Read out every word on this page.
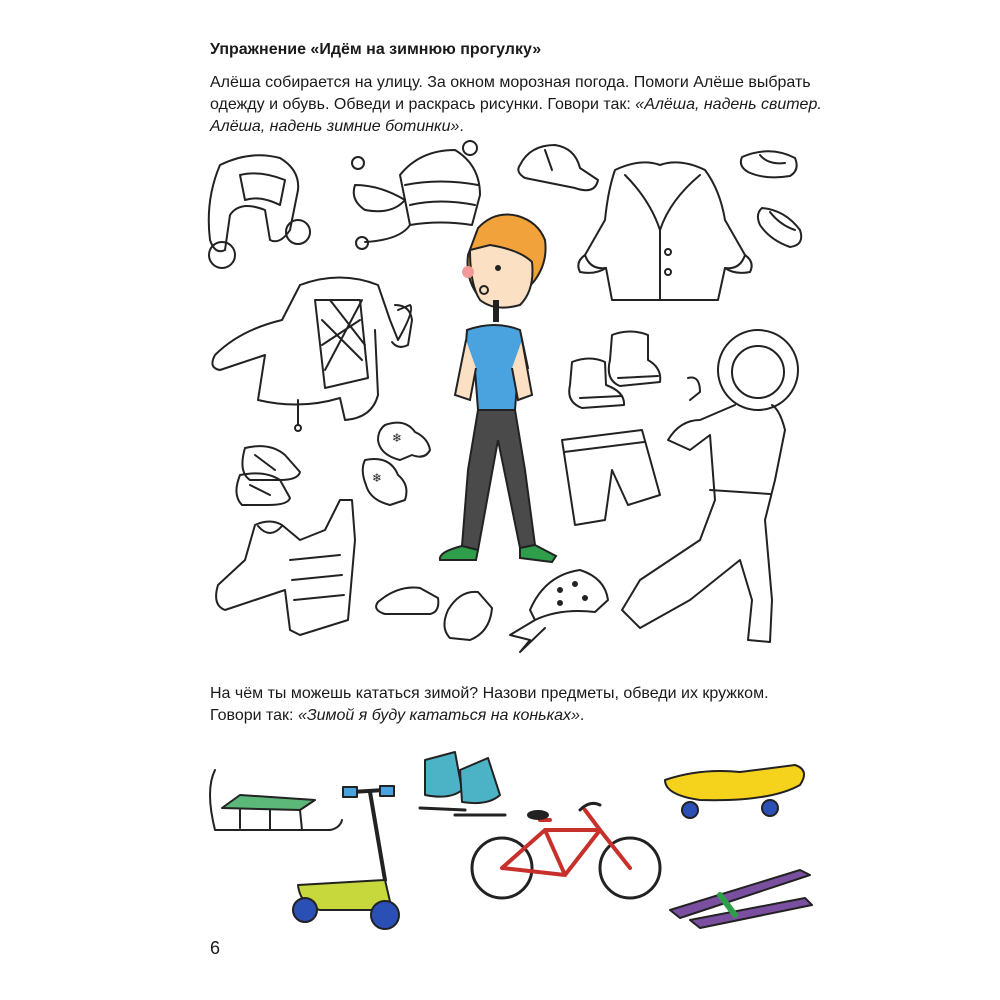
Упражнение «Идём на зимнюю прогулку»
Алёша собирается на улицу. За окном морозная погода. Помоги Алёше выбрать
одежду и обувь. Обведи и раскрась рисунки. Говори так: «Алёша, надень свитер.
Алёша, надень зимние ботинки».
На чём ты можешь кататься зимой? Назови предметы, обведи их кружком.
Говори так: «Зимой я буду кататься на коньках».
❄
❄
6
